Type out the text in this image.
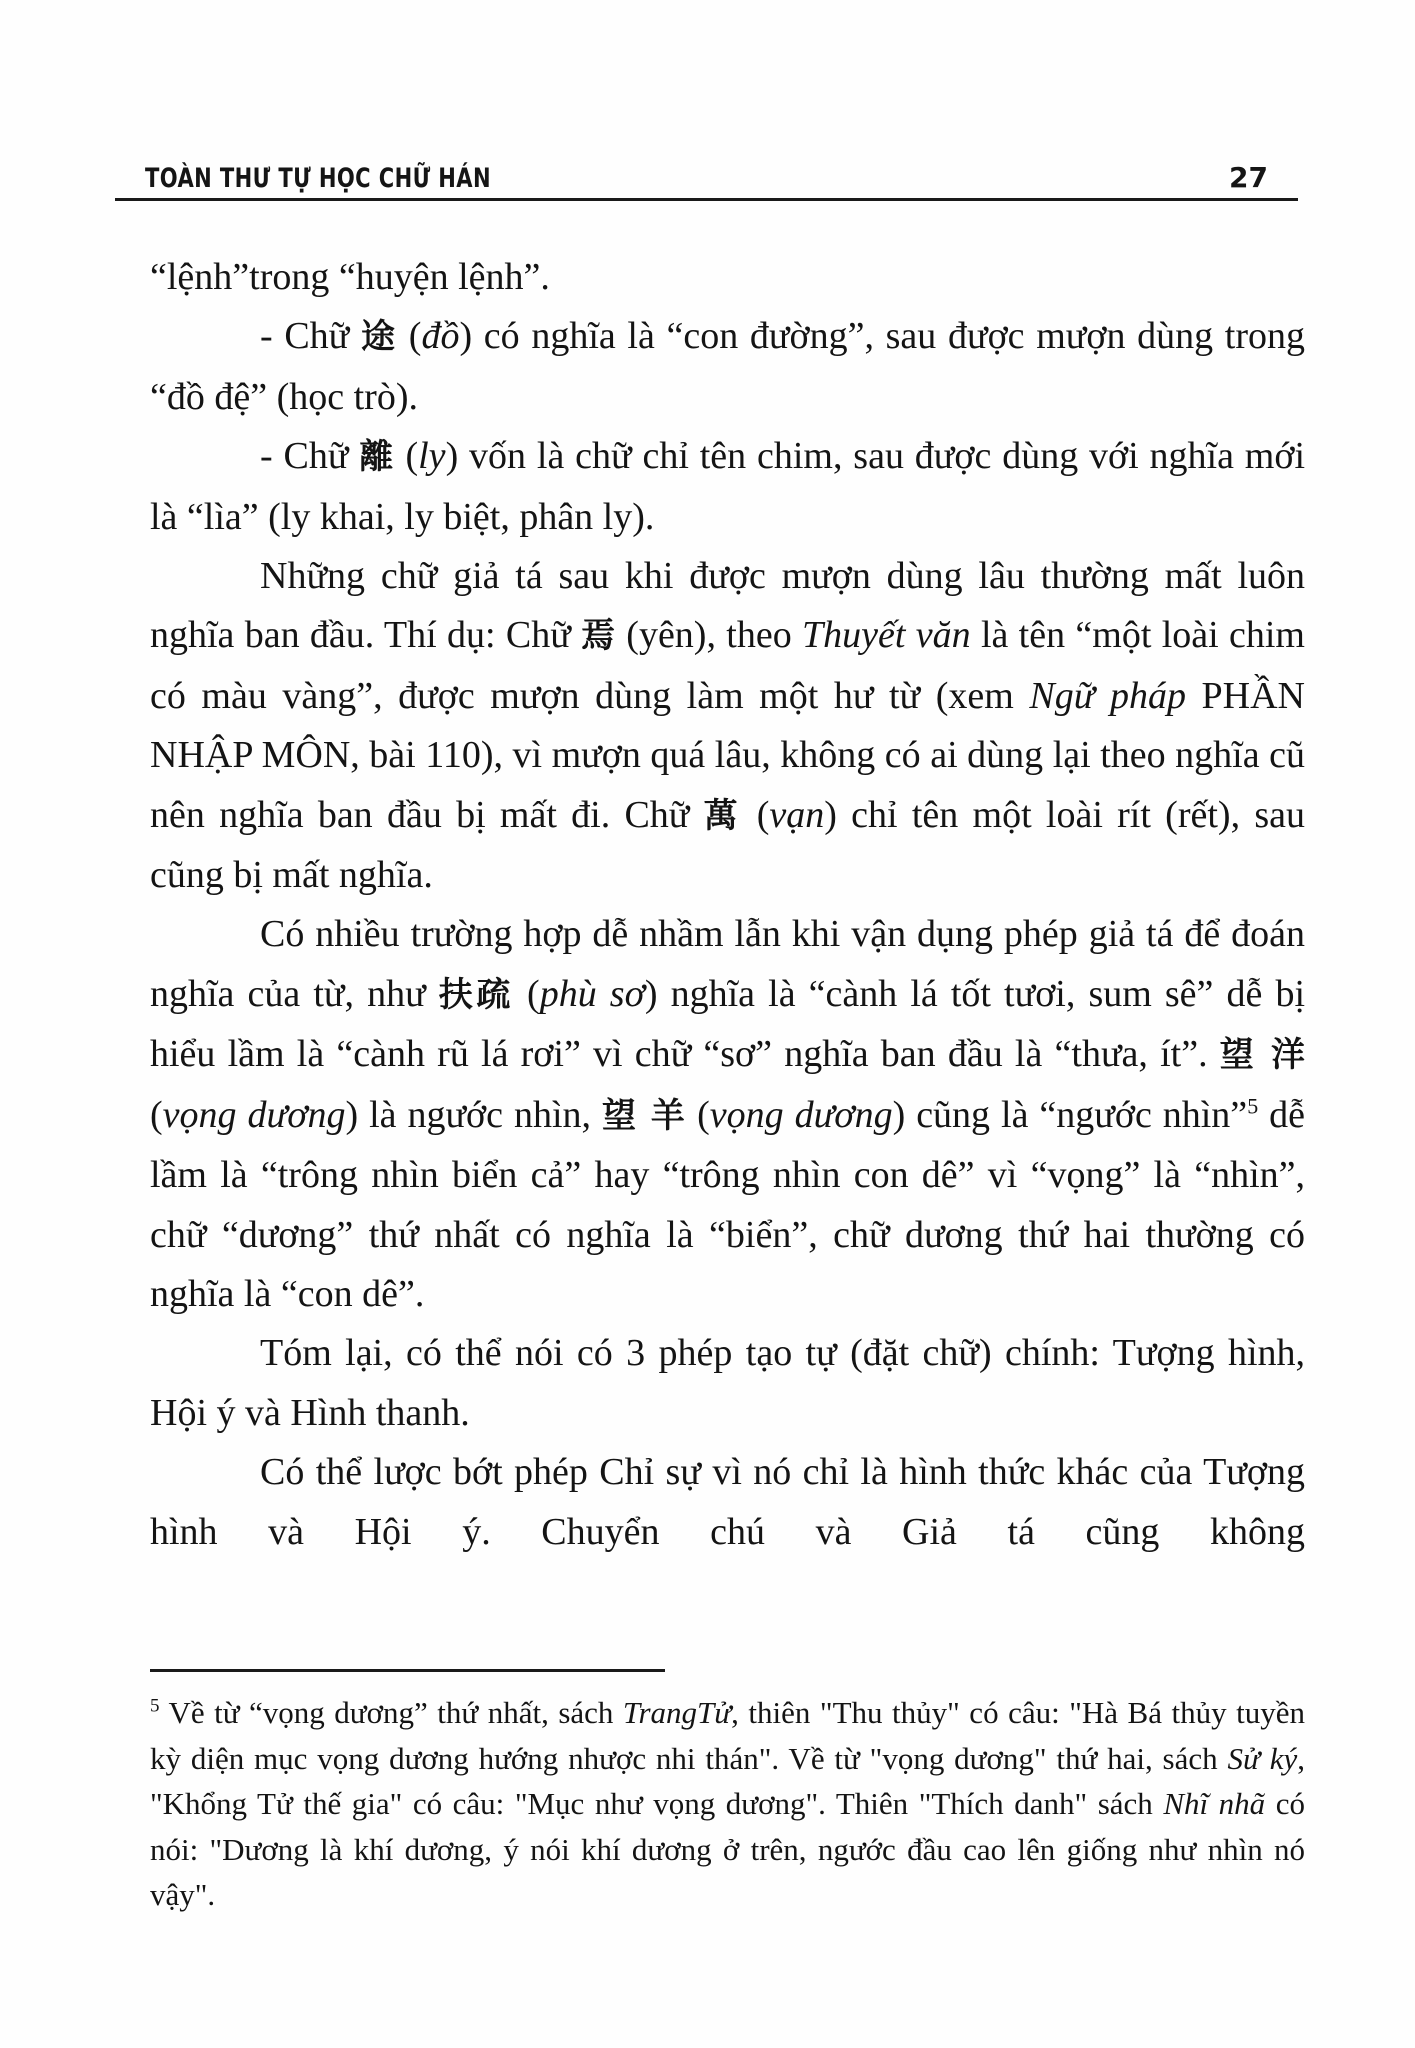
TOÀN THƯ TỰ HỌC CHỮ HÁN	27

“lệnh”trong “huyện lệnh”.

- Chữ 途 (đồ) có nghĩa là “con đường”, sau được mượn dùng trong “đồ đệ” (học trò).

- Chữ 離 (ly) vốn là chữ chỉ tên chim, sau được dùng với nghĩa mới là “lìa” (ly khai, ly biệt, phân ly).

Những chữ giả tá sau khi được mượn dùng lâu thường mất luôn nghĩa ban đầu. Thí dụ: Chữ 焉 (yên), theo Thuyết văn là tên “một loài chim có màu vàng”, được mượn dùng làm một hư từ (xem Ngữ pháp PHẦN NHẬP MÔN, bài 110), vì mượn quá lâu, không có ai dùng lại theo nghĩa cũ nên nghĩa ban đầu bị mất đi. Chữ 萬 (vạn) chỉ tên một loài rít (rết), sau cũng bị mất nghĩa.

Có nhiều trường hợp dễ nhầm lẫn khi vận dụng phép giả tá để đoán nghĩa của từ, như 扶疏 (phù sơ) nghĩa là “cành lá tốt tươi, sum sê” dễ bị hiểu lầm là “cành rũ lá rơi” vì chữ “sơ” nghĩa ban đầu là “thưa, ít”. 望 洋 (vọng dương) là ngước nhìn, 望 羊 (vọng dương) cũng là “ngước nhìn”$^5$ dễ lầm là “trông nhìn biển cả” hay “trông nhìn con dê” vì “vọng” là “nhìn”, chữ “dương” thứ nhất có nghĩa là “biển”, chữ dương thứ hai thường có nghĩa là “con dê”.

Tóm lại, có thể nói có 3 phép tạo tự (đặt chữ) chính: Tượng hình, Hội ý và Hình thanh.

Có thể lược bớt phép Chỉ sự vì nó chỉ là hình thức khác của Tượng hình và Hội ý. Chuyển chú và Giả tá cũng không

$^5$ Về từ “vọng dương” thứ nhất, sách TrangTử, thiên "Thu thủy" có câu: "Hà Bá thủy tuyền kỳ diện mục vọng dương hướng nhược nhi thán". Về từ "vọng dương" thứ hai, sách Sử ký, "Khổng Tử thế gia" có câu: "Mục như vọng dương". Thiên "Thích danh" sách Nhĩ nhã có nói: "Dương là khí dương, ý nói khí dương ở trên, ngước đầu cao lên giống như nhìn nó vậy".
